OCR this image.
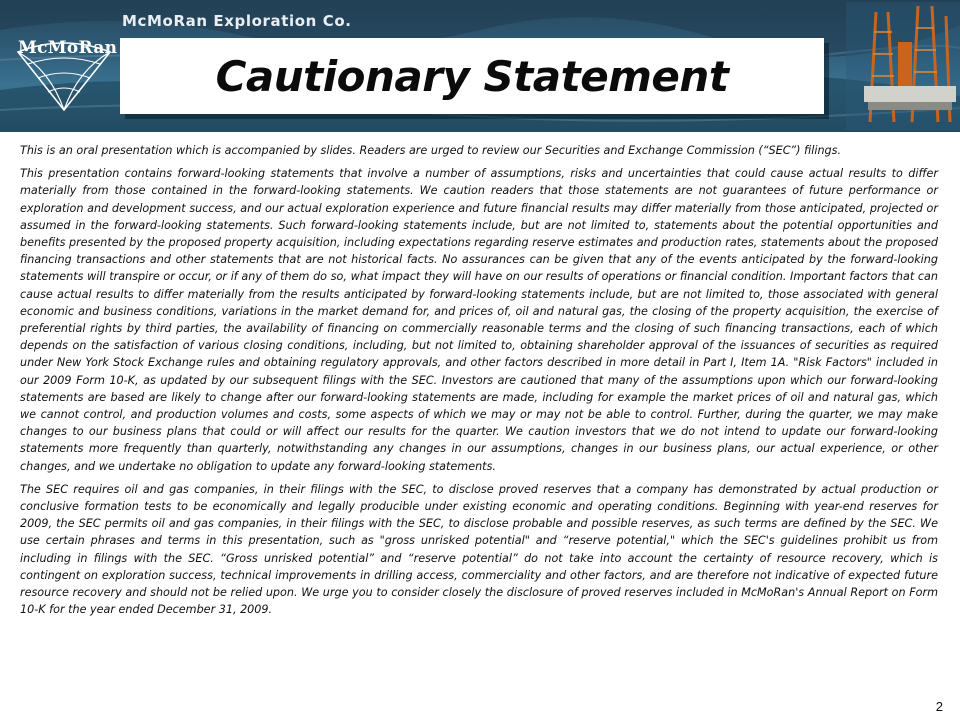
McMoRan Exploration Co.
McMoRan
Cautionary Statement

This is an oral presentation which is accompanied by slides. Readers are urged to review our Securities and Exchange Commission (“SEC”) filings.

This presentation contains forward-looking statements that involve a number of assumptions, risks and uncertainties that could cause actual results to differ materially from those contained in the forward-looking statements. We caution readers that those statements are not guarantees of future performance or exploration and development success, and our actual exploration experience and future financial results may differ materially from those anticipated, projected or assumed in the forward-looking statements. Such forward-looking statements include, but are not limited to, statements about the potential opportunities and benefits presented by the proposed property acquisition, including expectations regarding reserve estimates and production rates, statements about the proposed financing transactions and other statements that are not historical facts. No assurances can be given that any of the events anticipated by the forward-looking statements will transpire or occur, or if any of them do so, what impact they will have on our results of operations or financial condition. Important factors that can cause actual results to differ materially from the results anticipated by forward-looking statements include, but are not limited to, those associated with general economic and business conditions, variations in the market demand for, and prices of, oil and natural gas, the closing of the property acquisition, the exercise of preferential rights by third parties, the availability of financing on commercially reasonable terms and the closing of such financing transactions, each of which depends on the satisfaction of various closing conditions, including, but not limited to, obtaining shareholder approval of the issuances of securities as required under New York Stock Exchange rules and obtaining regulatory approvals, and other factors described in more detail in Part I, Item 1A. "Risk Factors" included in our 2009 Form 10-K, as updated by our subsequent filings with the SEC. Investors are cautioned that many of the assumptions upon which our forward-looking statements are based are likely to change after our forward-looking statements are made, including for example the market prices of oil and natural gas, which we cannot control, and production volumes and costs, some aspects of which we may or may not be able to control. Further, during the quarter, we may make changes to our business plans that could or will affect our results for the quarter. We caution investors that we do not intend to update our forward-looking statements more frequently than quarterly, notwithstanding any changes in our assumptions, changes in our business plans, our actual experience, or other changes, and we undertake no obligation to update any forward-looking statements.

The SEC requires oil and gas companies, in their filings with the SEC, to disclose proved reserves that a company has demonstrated by actual production or conclusive formation tests to be economically and legally producible under existing economic and operating conditions. Beginning with year-end reserves for 2009, the SEC permits oil and gas companies, in their filings with the SEC, to disclose probable and possible reserves, as such terms are defined by the SEC. We use certain phrases and terms in this presentation, such as "gross unrisked potential" and “reserve potential," which the SEC's guidelines prohibit us from including in filings with the SEC. “Gross unrisked potential” and “reserve potential” do not take into account the certainty of resource recovery, which is contingent on exploration success, technical improvements in drilling access, commerciality and other factors, and are therefore not indicative of expected future resource recovery and should not be relied upon. We urge you to consider closely the disclosure of proved reserves included in McMoRan's Annual Report on Form 10-K for the year ended December 31, 2009.

2
